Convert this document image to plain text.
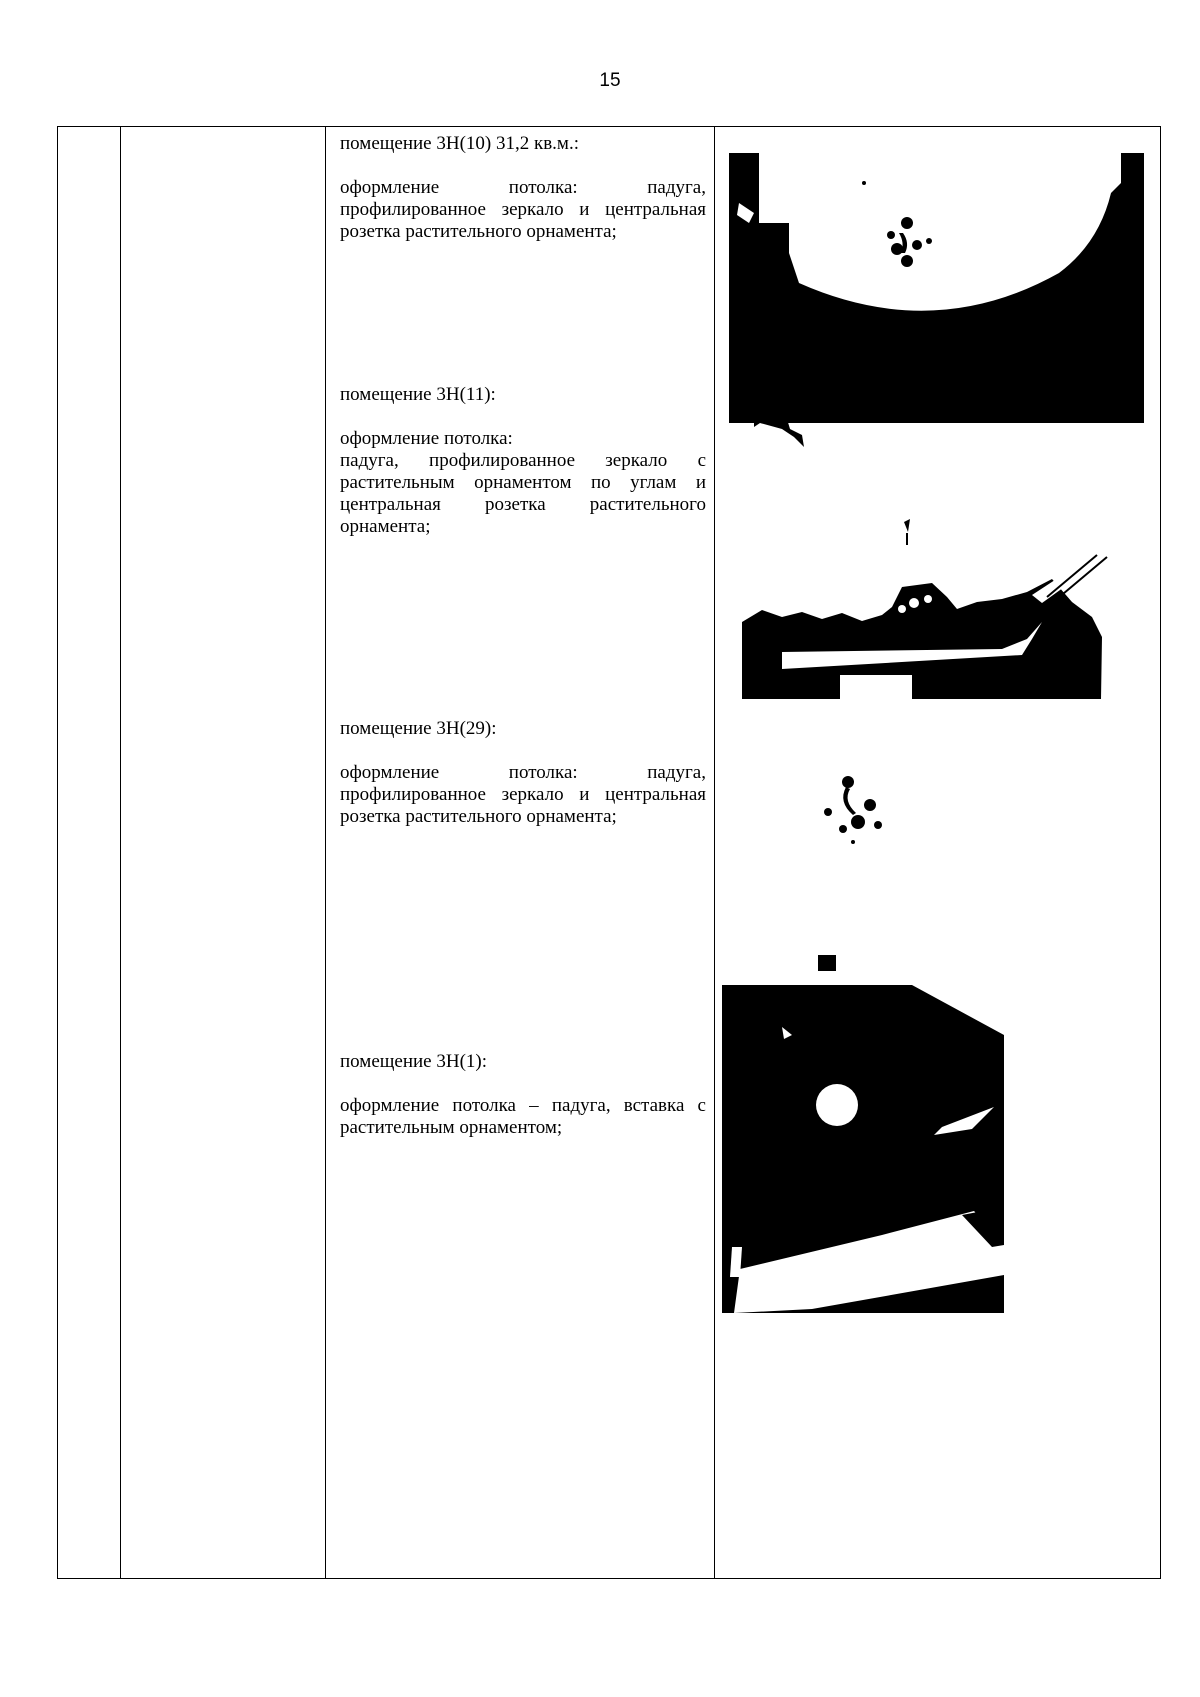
15

помещение 3Н(10) 31,2 кв.м.:

оформление потолка: падуга, профилированное зеркало и центральная розетка растительного орнамента;

помещение 3Н(11):

оформление потолка:

падуга, профилированное зеркало с растительным орнаментом по углам и центральная розетка растительного орнамента;

помещение 3Н(29):

оформление потолка: падуга, профилированное зеркало и центральная розетка растительного орнамента;

помещение 3Н(1):

оформление потолка – падуга, вставка с растительным орнаментом;
